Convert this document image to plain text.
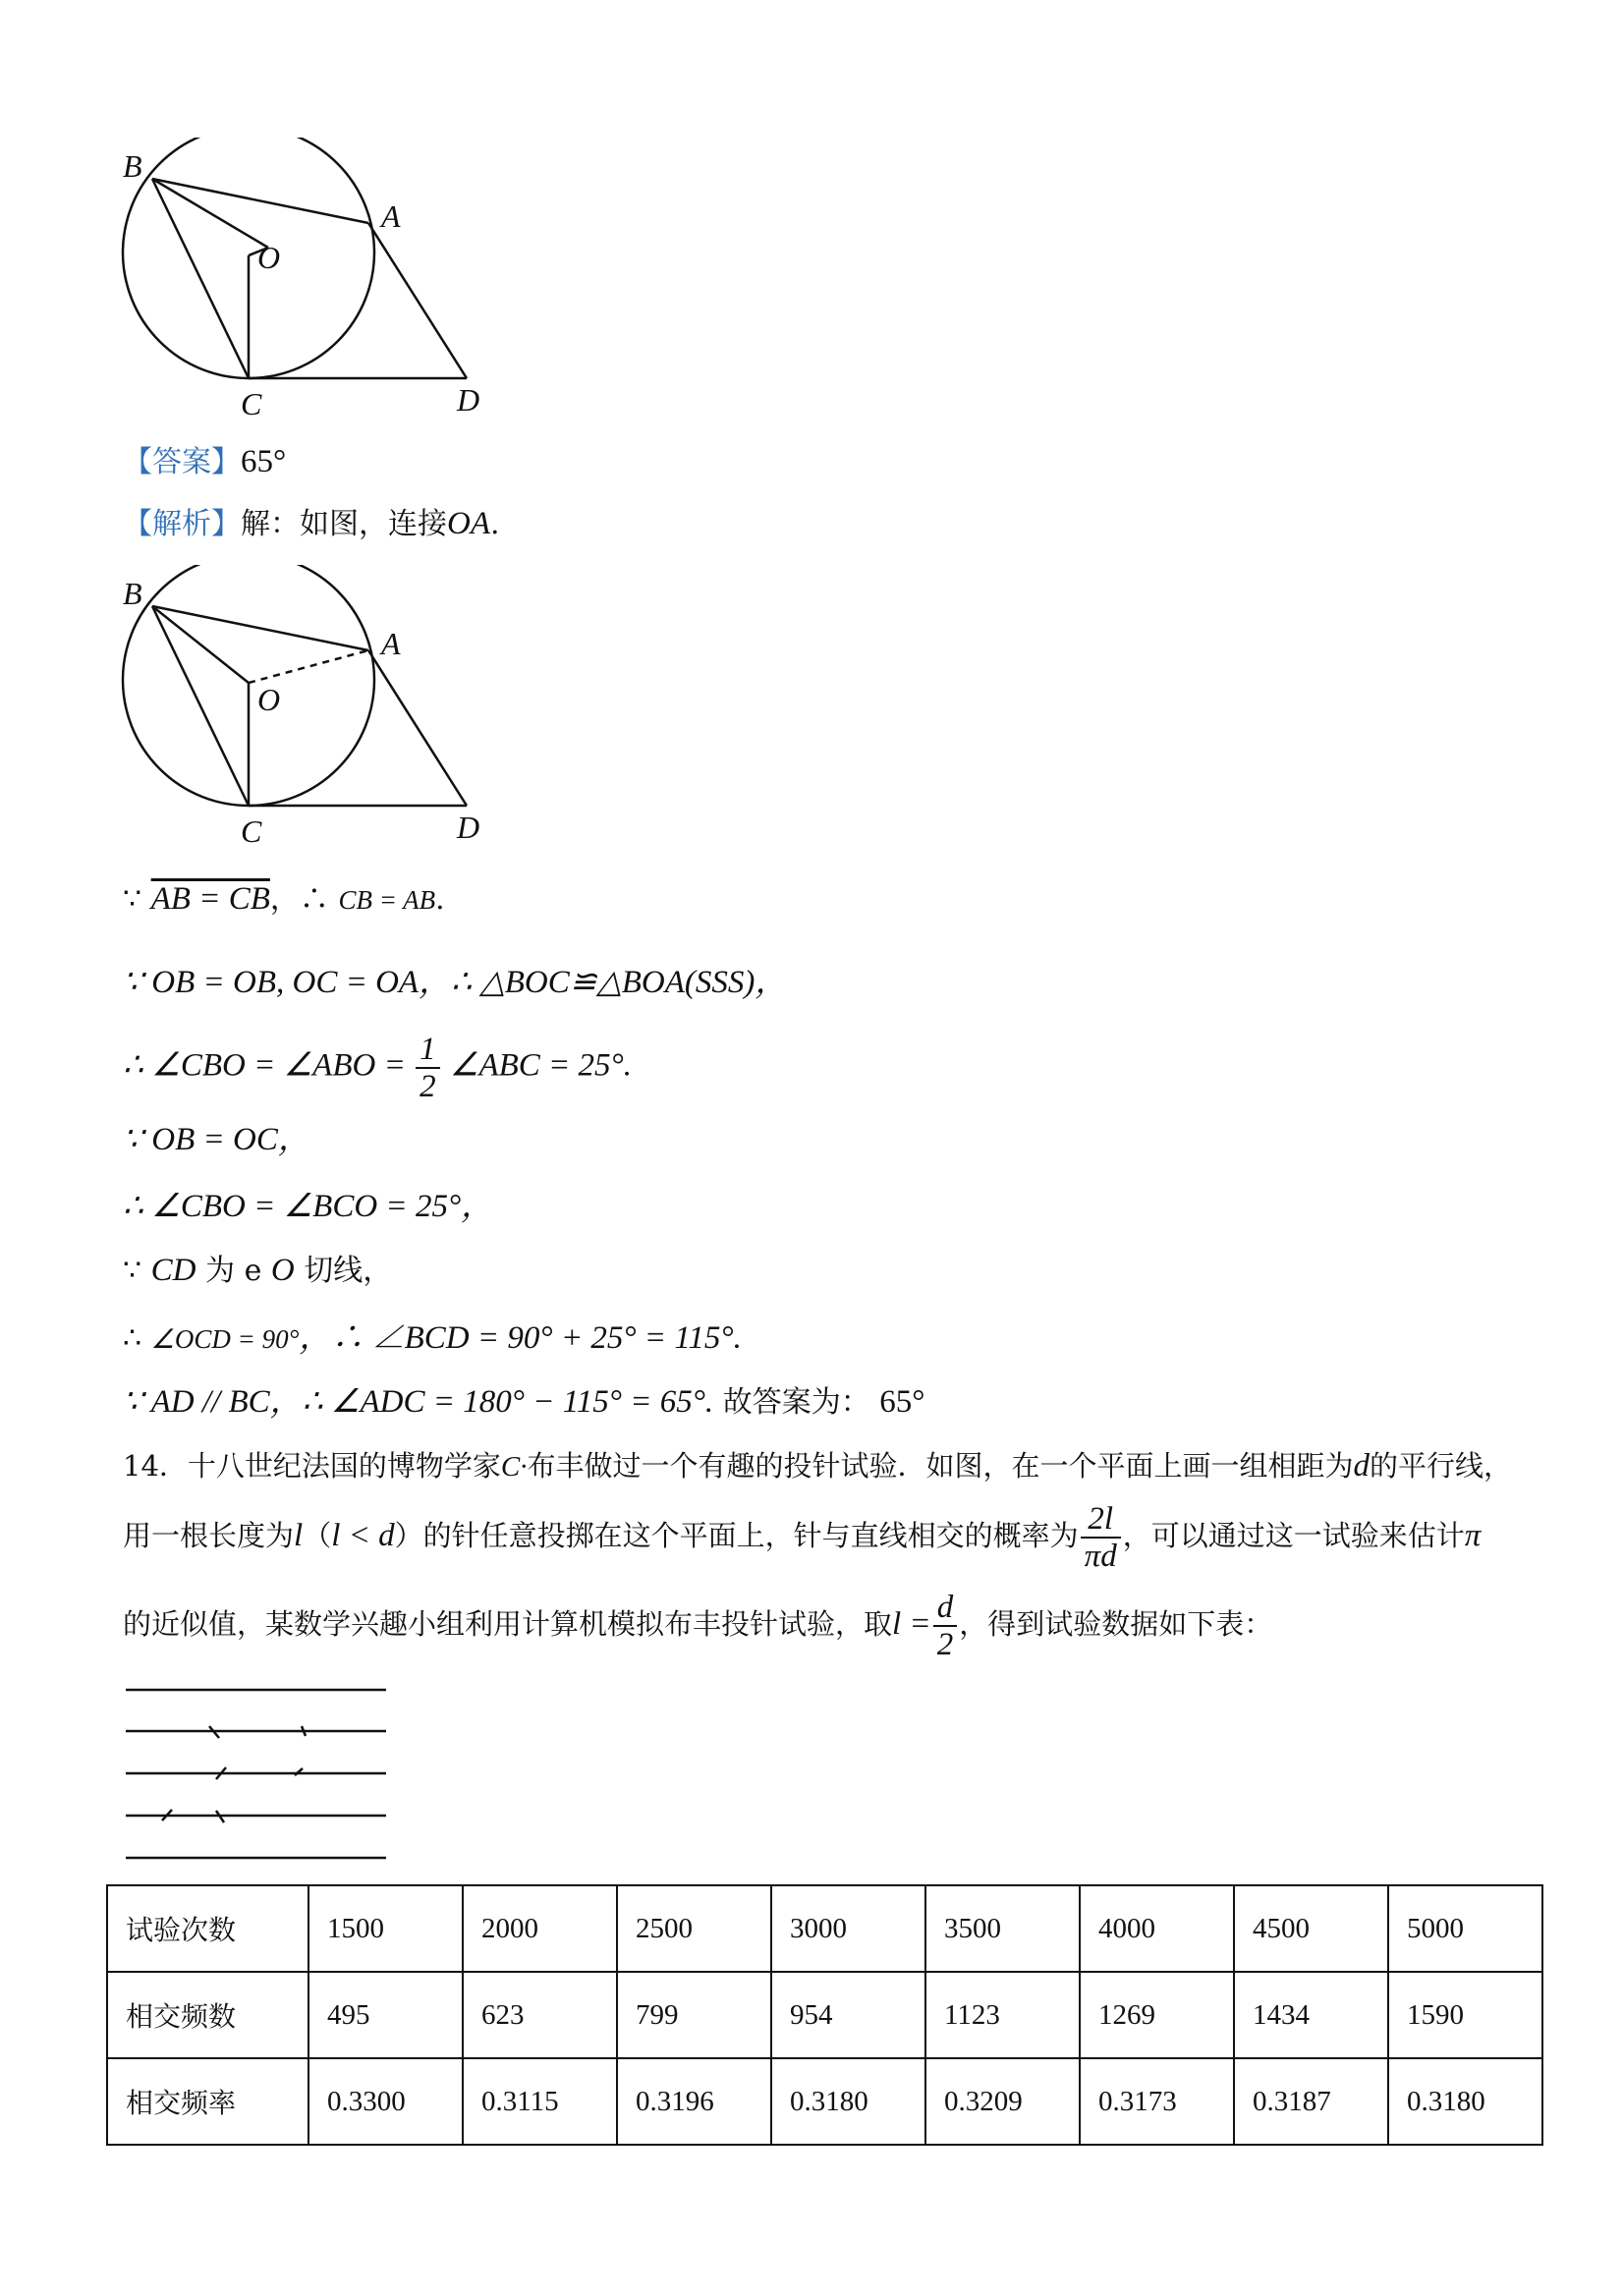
B
A
O
C	D
【答案】65°
【解析】解：如图，连接OA.
B
A
O
C	D
∵ AB = CB，∴ CB = AB.
∵ OB = OB, OC = OA，∴ △BOC≌△BOA(SSS)，
∴ ∠CBO = ∠ABO = $\frac{1}{2}$ ∠ABC = 25°.
∵ OB = OC，
∴ ∠CBO = ∠BCO = 25°，
∵ CD 为 e O 切线，
∴ ∠OCD = 90°，∴ ∠BCD = 90° + 25° = 115°.
∵ AD // BC，∴ ∠ADC = 180° − 115° = 65°. 故答案为： 65°
14．十八世纪法国的博物学家C·布丰做过一个有趣的投针试验．如图，在一个平面上画一组相距为d的平行线，
用一根长度为l（l < d）的针任意投掷在这个平面上，针与直线相交的概率为 $\frac{2l}{\pi d}$ ，可以通过这一试验来估计π
的近似值，某数学兴趣小组利用计算机模拟布丰投针试验，取$l = \frac{d}{2}$ ，得到试验数据如下表：
试验次数	1500	2000	2500	3000	3500	4000	4500	5000
相交频数	495	623	799	954	1123	1269	1434	1590
相交频率	0.3300	0.3115	0.3196	0.3180	0.3209	0.3173	0.3187	0.3180
